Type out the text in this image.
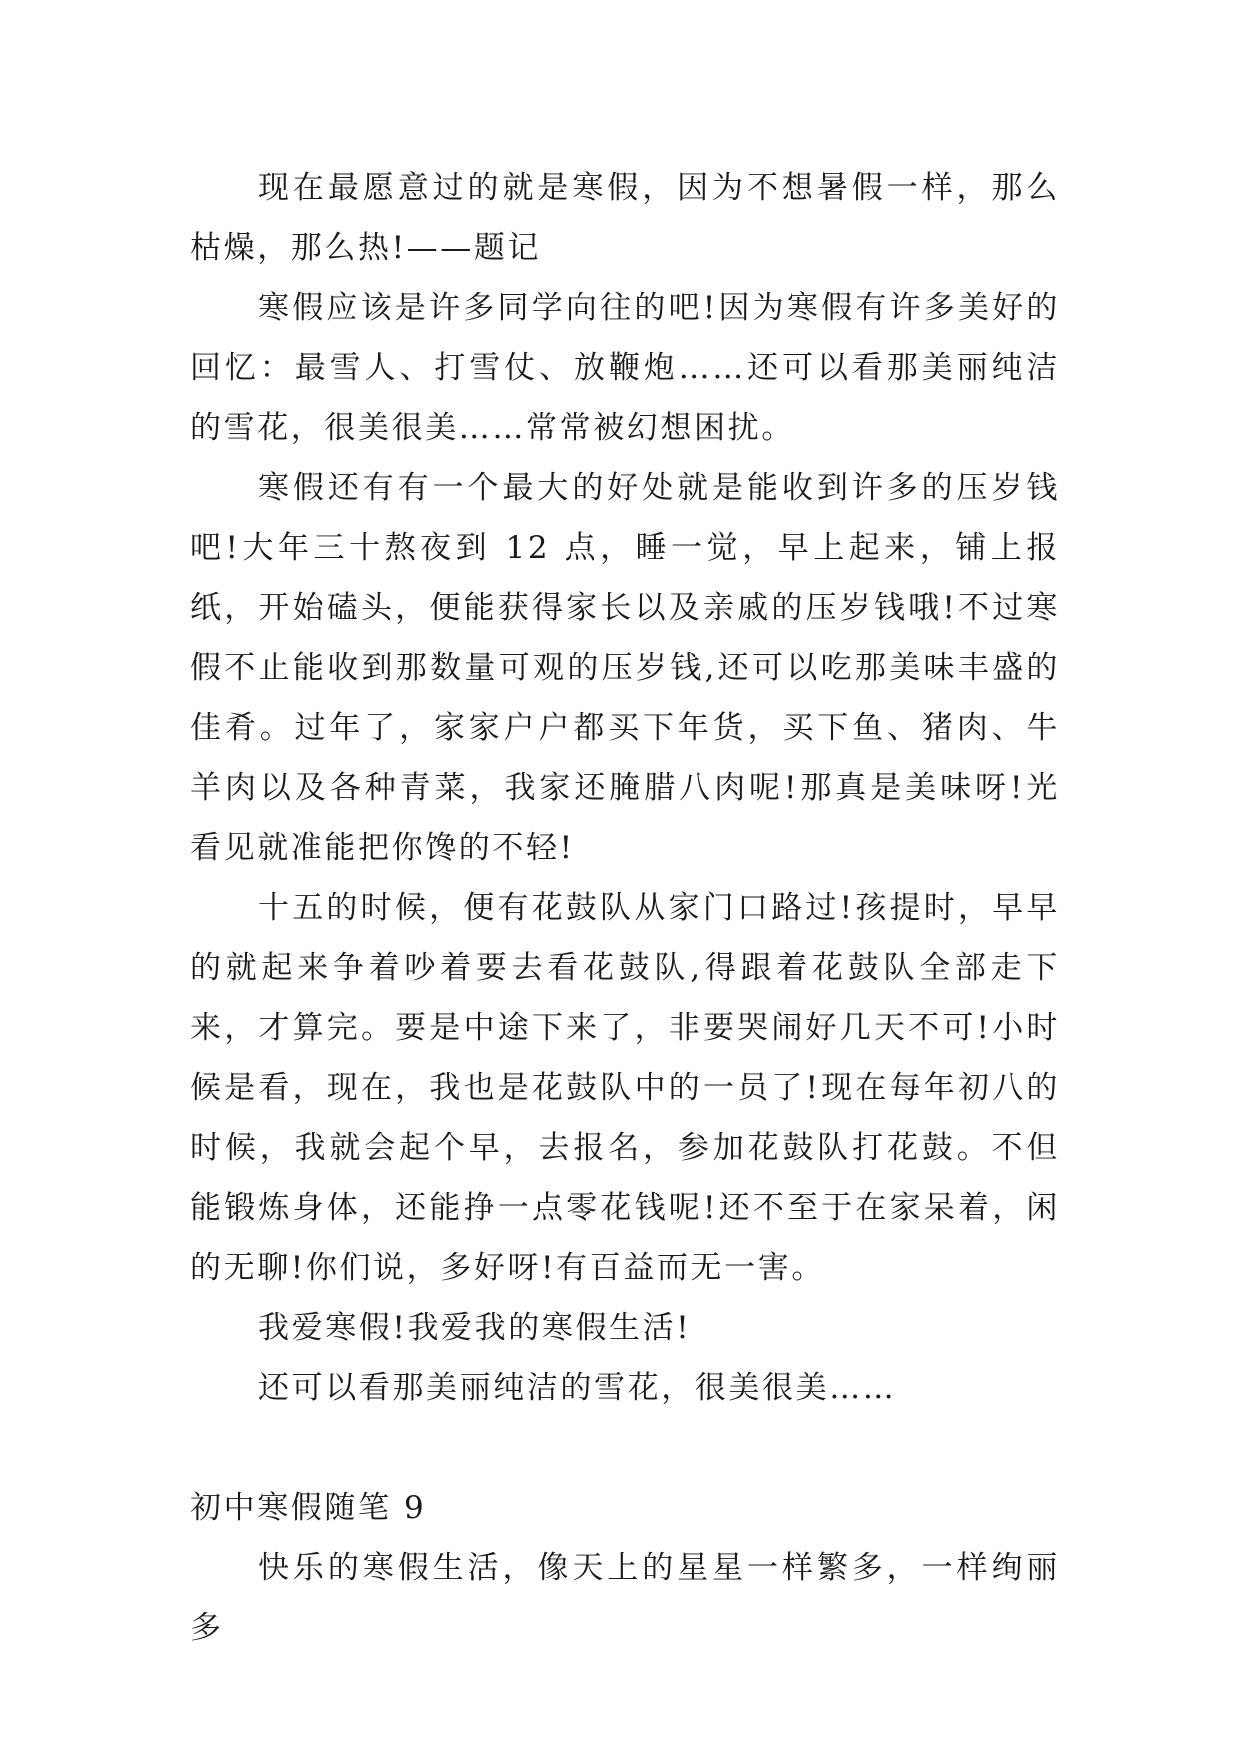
现在最愿意过的就是寒假，因为不想暑假一样，那么枯燥，那么热!——题记

寒假应该是许多同学向往的吧!因为寒假有许多美好的回忆：最雪人、打雪仗、放鞭炮……还可以看那美丽纯洁的雪花，很美很美……常常被幻想困扰。

寒假还有有一个最大的好处就是能收到许多的压岁钱吧!大年三十熬夜到 12 点，睡一觉，早上起来，铺上报纸，开始磕头，便能获得家长以及亲戚的压岁钱哦!不过寒假不止能收到那数量可观的压岁钱,还可以吃那美味丰盛的佳肴。过年了，家家户户都买下年货，买下鱼、猪肉、牛羊肉以及各种青菜，我家还腌腊八肉呢!那真是美味呀!光看见就准能把你馋的不轻!

十五的时候，便有花鼓队从家门口路过!孩提时，早早的就起来争着吵着要去看花鼓队,得跟着花鼓队全部走下来，才算完。要是中途下来了，非要哭闹好几天不可!小时候是看，现在，我也是花鼓队中的一员了!现在每年初八的时候，我就会起个早，去报名，参加花鼓队打花鼓。不但能锻炼身体，还能挣一点零花钱呢!还不至于在家呆着，闲的无聊!你们说，多好呀!有百益而无一害。

我爱寒假!我爱我的寒假生活!

还可以看那美丽纯洁的雪花，很美很美……

初中寒假随笔 9

快乐的寒假生活，像天上的星星一样繁多，一样绚丽多
